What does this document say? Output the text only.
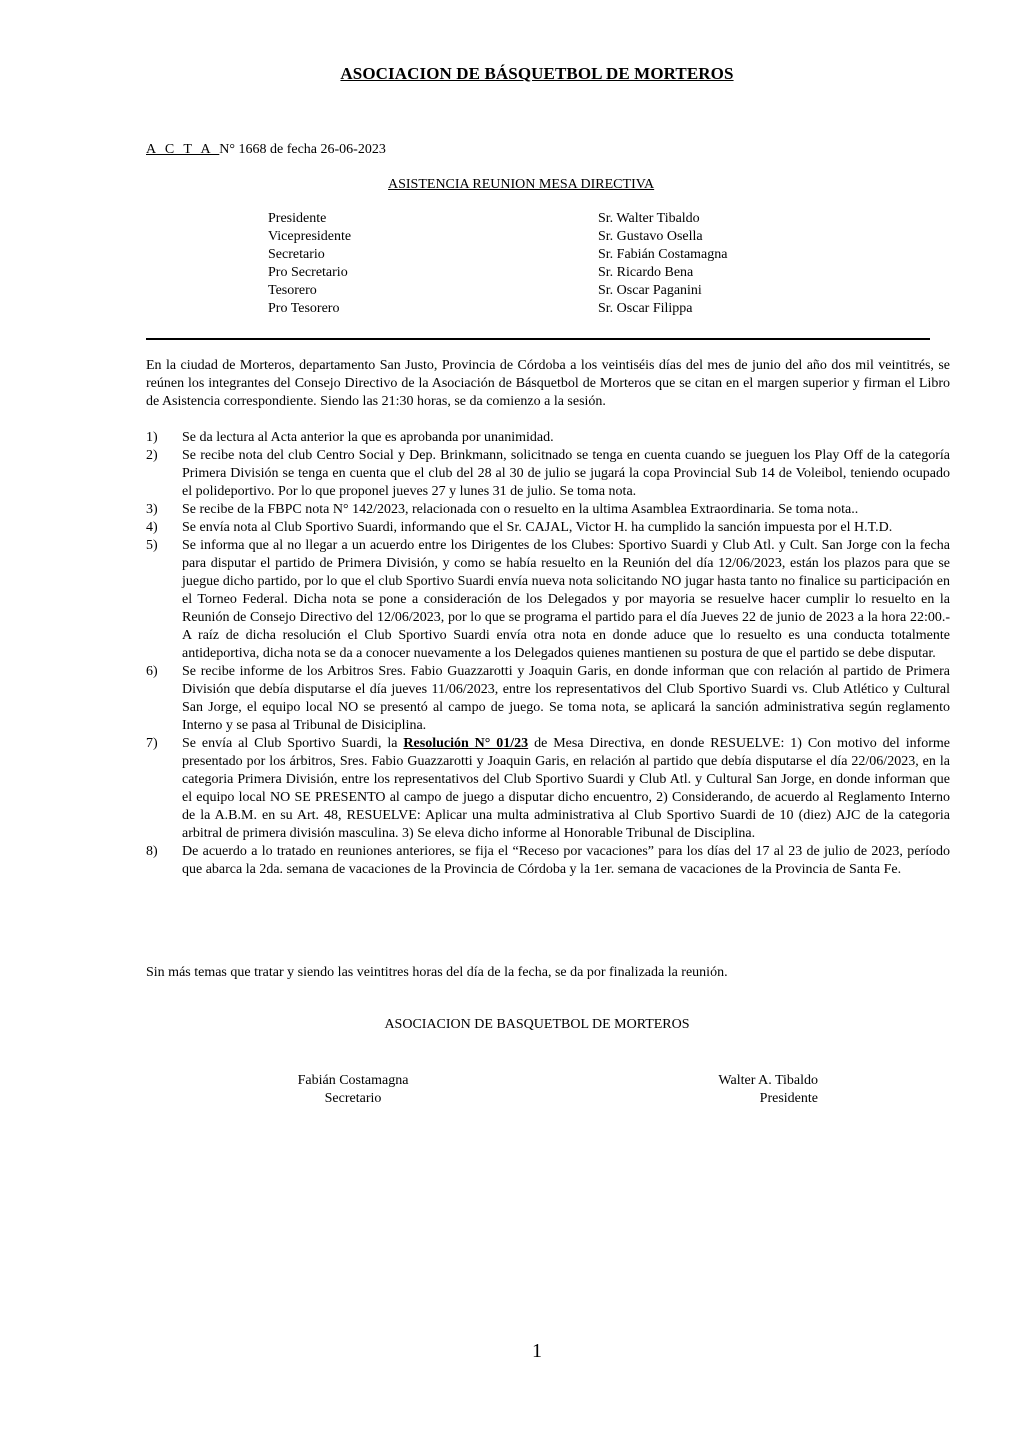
ASOCIACION DE BÁSQUETBOL DE MORTEROS
A C T A N° 1668 de fecha 26-06-2023
ASISTENCIA REUNION MESA DIRECTIVA
Presidente	Sr. Walter Tibaldo
Vicepresidente	Sr. Gustavo Osella
Secretario	Sr. Fabián Costamagna
Pro Secretario	Sr. Ricardo Bena
Tesorero	Sr. Oscar Paganini
Pro Tesorero	Sr. Oscar Filippa
En la ciudad de Morteros, departamento San Justo, Provincia de Córdoba a los veintiséis días del mes de junio del año dos mil veintitrés, se reúnen los integrantes del Consejo Directivo de la Asociación de Básquetbol de Morteros que se citan en el margen superior y firman el Libro de Asistencia correspondiente. Siendo las 21:30 horas, se da comienzo a la sesión.
1)	Se da lectura al Acta anterior la que es aprobanda por unanimidad.
2)	Se recibe nota del club Centro Social y Dep. Brinkmann, solicitnado se tenga en cuenta cuando se jueguen los Play Off de la categoría Primera División se tenga en cuenta que el club del 28 al 30 de julio se jugará la copa Provincial Sub 14 de Voleibol, teniendo ocupado el polideportivo. Por lo que proponel jueves 27 y lunes 31 de julio. Se toma nota.
3)	Se recibe de la FBPC nota N° 142/2023, relacionada con o resuelto en la ultima Asamblea Extraordinaria. Se toma nota..
4)	Se envía nota al Club Sportivo Suardi, informando que el Sr. CAJAL, Victor H. ha cumplido la sanción impuesta por el H.T.D.
5)	Se informa que al no llegar a un acuerdo entre los Dirigentes de los Clubes: Sportivo Suardi y Club Atl. y Cult. San Jorge con la fecha para disputar el partido de Primera División, y como se había resuelto en la Reunión del día 12/06/2023, están los plazos para que se juegue dicho partido, por lo que el club Sportivo Suardi envía nueva nota solicitando NO jugar hasta tanto no finalice su participación en el Torneo Federal. Dicha nota se pone a consideración de los Delegados y por mayoria se resuelve hacer cumplir lo resuelto en la Reunión de Consejo Directivo del 12/06/2023, por lo que se programa el partido para el día Jueves 22 de junio de 2023 a la hora 22:00.- A raíz de dicha resolución el Club Sportivo Suardi envía otra nota en donde aduce que lo resuelto es una conducta totalmente antideportiva, dicha nota se da a conocer nuevamente a los Delegados quienes mantienen su postura de que el partido se debe disputar.
6)	Se recibe informe de los Arbitros Sres. Fabio Guazzarotti y Joaquin Garis, en donde informan que con relación al partido de Primera División que debía disputarse el día jueves 11/06/2023, entre los representativos del Club Sportivo Suardi vs. Club Atlético y Cultural San Jorge, el equipo local NO se presentó al campo de juego. Se toma nota, se aplicará la sanción administrativa según reglamento Interno y se pasa al Tribunal de Disiciplina.
7)	Se envía al Club Sportivo Suardi, la Resolución N° 01/23 de Mesa Directiva, en donde RESUELVE: 1) Con motivo del informe presentado por los árbitros, Sres. Fabio Guazzarotti y Joaquin Garis, en relación al partido que debía disputarse el día 22/06/2023, en la categoria Primera División, entre los representativos del Club Sportivo Suardi y Club Atl. y Cultural San Jorge, en donde informan que el equipo local NO SE PRESENTO al campo de juego a disputar dicho encuentro, 2) Considerando, de acuerdo al Reglamento Interno de la A.B.M. en su Art. 48, RESUELVE: Aplicar una multa administrativa al Club Sportivo Suardi de 10 (diez) AJC de la categoria arbitral de primera división masculina. 3) Se eleva dicho informe al Honorable Tribunal de Disciplina.
8)	De acuerdo a lo tratado en reuniones anteriores, se fija el “Receso por vacaciones” para los días del 17 al 23 de julio de 2023, período que abarca la 2da. semana de vacaciones de la Provincia de Córdoba y la 1er. semana de vacaciones de la Provincia de Santa Fe.
Sin más temas que tratar y siendo las veintitres horas del día de la fecha, se da por finalizada la reunión.
ASOCIACION DE BASQUETBOL DE MORTEROS
Fabián Costamagna
Secretario
Walter A. Tibaldo
Presidente
1
